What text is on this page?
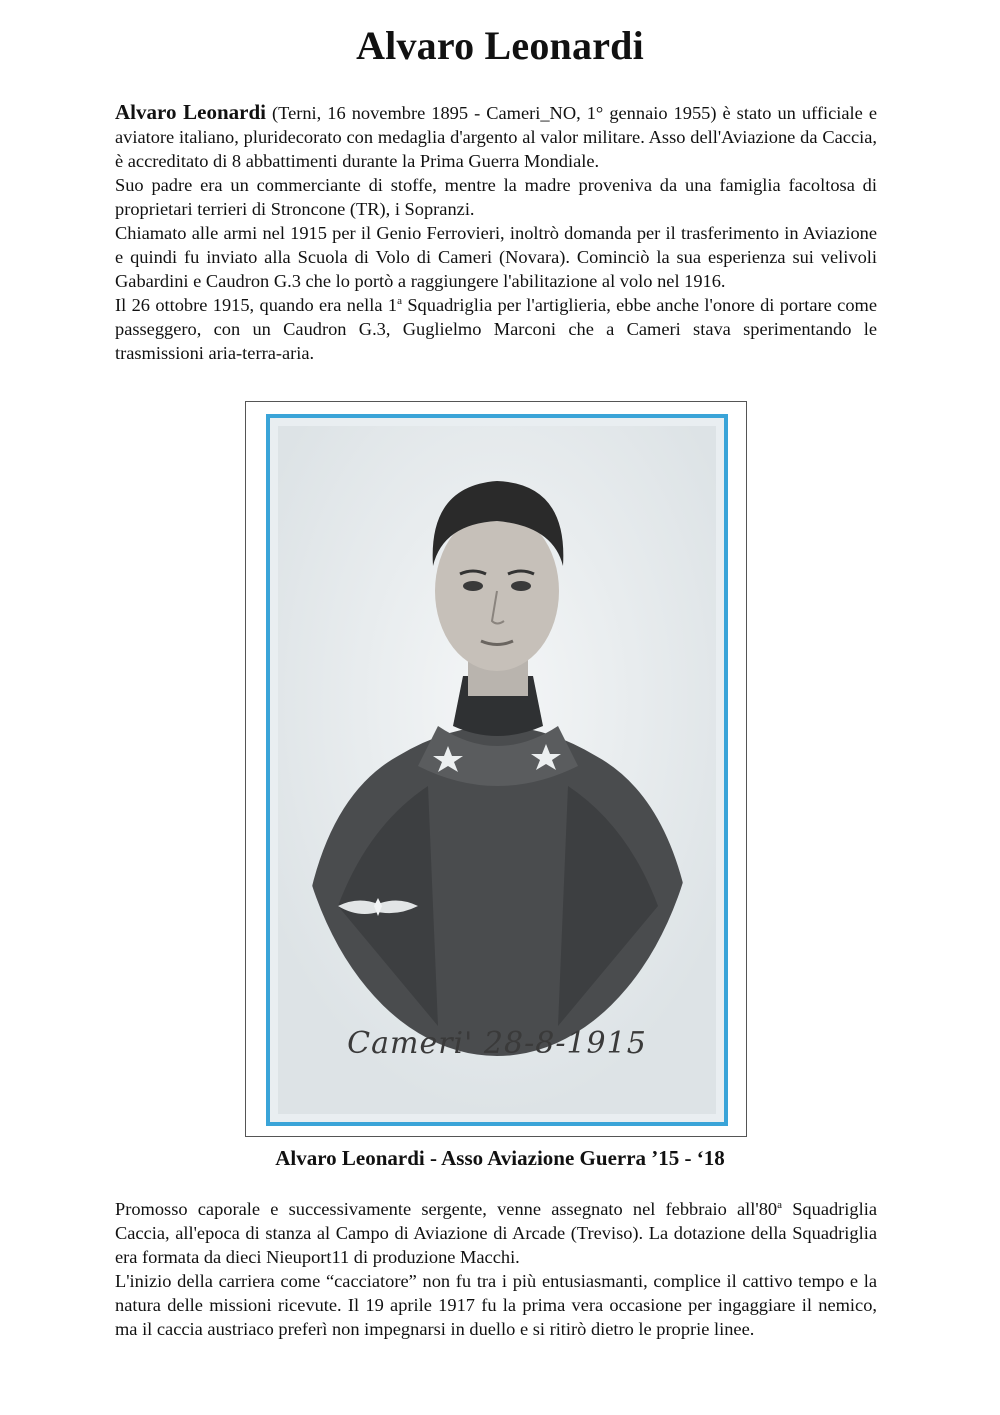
Alvaro Leonardi

Alvaro Leonardi (Terni, 16 novembre 1895 - Cameri_NO, 1° gennaio 1955) è stato un ufficiale e aviatore italiano, pluridecorato con medaglia d'argento al valor militare. Asso dell'Aviazione da Caccia, è accreditato di 8 abbattimenti durante la Prima Guerra Mondiale.

Suo padre era un commerciante di stoffe, mentre la madre proveniva da una famiglia facoltosa di proprietari terrieri di Stroncone (TR), i Sopranzi.

Chiamato alle armi nel 1915 per il Genio Ferrovieri, inoltrò domanda per il trasferimento in Aviazione e quindi fu inviato alla Scuola di Volo di Cameri (Novara). Cominciò la sua esperienza sui velivoli Gabardini e Caudron G.3 che lo portò a raggiungere l'abilitazione al volo nel 1916.

Il 26 ottobre 1915, quando era nella 1$^a$ Squadriglia per l'artiglieria, ebbe anche l'onore di portare come passeggero, con un Caudron G.3, Guglielmo Marconi che a Cameri stava sperimentando le trasmissioni aria-terra-aria.

Cameri' 28-8-1915
Alvaro Leonardi - Asso Aviazione Guerra ’15 - ‘18

Promosso caporale e successivamente sergente, venne assegnato nel febbraio all'80$^a$ Squadriglia Caccia, all'epoca di stanza al Campo di Aviazione di Arcade (Treviso). La dotazione della Squadriglia era formata da dieci Nieuport11 di produzione Macchi.

L'inizio della carriera come “cacciatore” non fu tra i più entusiasmanti, complice il cattivo tempo e la natura delle missioni ricevute. Il 19 aprile 1917 fu la prima vera occasione per ingaggiare il nemico, ma il caccia austriaco preferì non impegnarsi in duello e si ritirò dietro le proprie linee.
